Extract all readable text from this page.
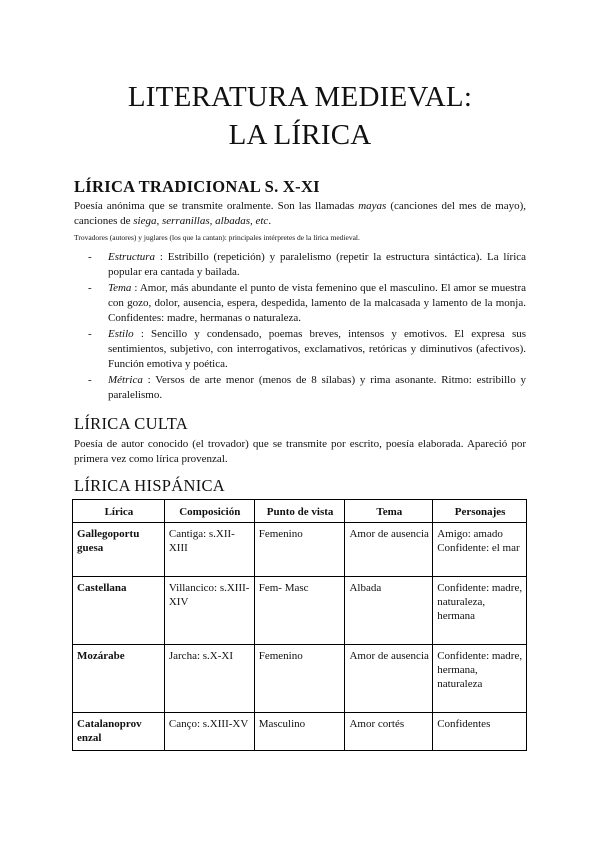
LITERATURA MEDIEVAL:
LA LÍRICA
LÍRICA TRADICIONAL S. X-XI

Poesía anónima que se transmite oralmente. Son las llamadas mayas (canciones del mes de mayo), canciones de siega, serranillas, albadas, etc.

Trovadores (autores) y juglares (los que la cantan): principales intérpretes de la lírica medieval.

- Estructura : Estribillo (repetición) y paralelismo (repetir la estructura sintáctica). La lírica popular era cantada y bailada.
- Tema : Amor, más abundante el punto de vista femenino que el masculino. El amor se muestra con gozo, dolor, ausencia, espera, despedida, lamento de la malcasada y lamento de la monja. Confidentes: madre, hermanas o naturaleza.
- Estilo : Sencillo y condensado, poemas breves, intensos y emotivos. El expresa sus sentimientos, subjetivo, con interrogativos, exclamativos, retóricas y diminutivos (afectivos). Función emotiva y poética.
- Métrica : Versos de arte menor (menos de 8 sílabas) y rima asonante. Ritmo: estribillo y paralelismo.
LÍRICA CULTA

Poesía de autor conocido (el trovador) que se transmite por escrito, poesía elaborada. Apareció por primera vez como lírica provenzal.

LÍRICA HISPÁNICA
Lírica	Composición	Punto de vista	Tema	Personajes
Gallegoportu guesa	Cantiga: s.XII-XIII	Femenino	Amor de ausencia	Amigo: amado Confidente: el mar
Castellana	Villancico: s.XIII-XIV	Fem- Masc	Albada	Confidente: madre, naturaleza, hermana
Mozárabe	Jarcha: s.X-XI	Femenino	Amor de ausencia	Confidente: madre, hermana, naturaleza
Catalanoprov enzal	Canço: s.XIII-XV	Masculino	Amor cortés	Confidentes
